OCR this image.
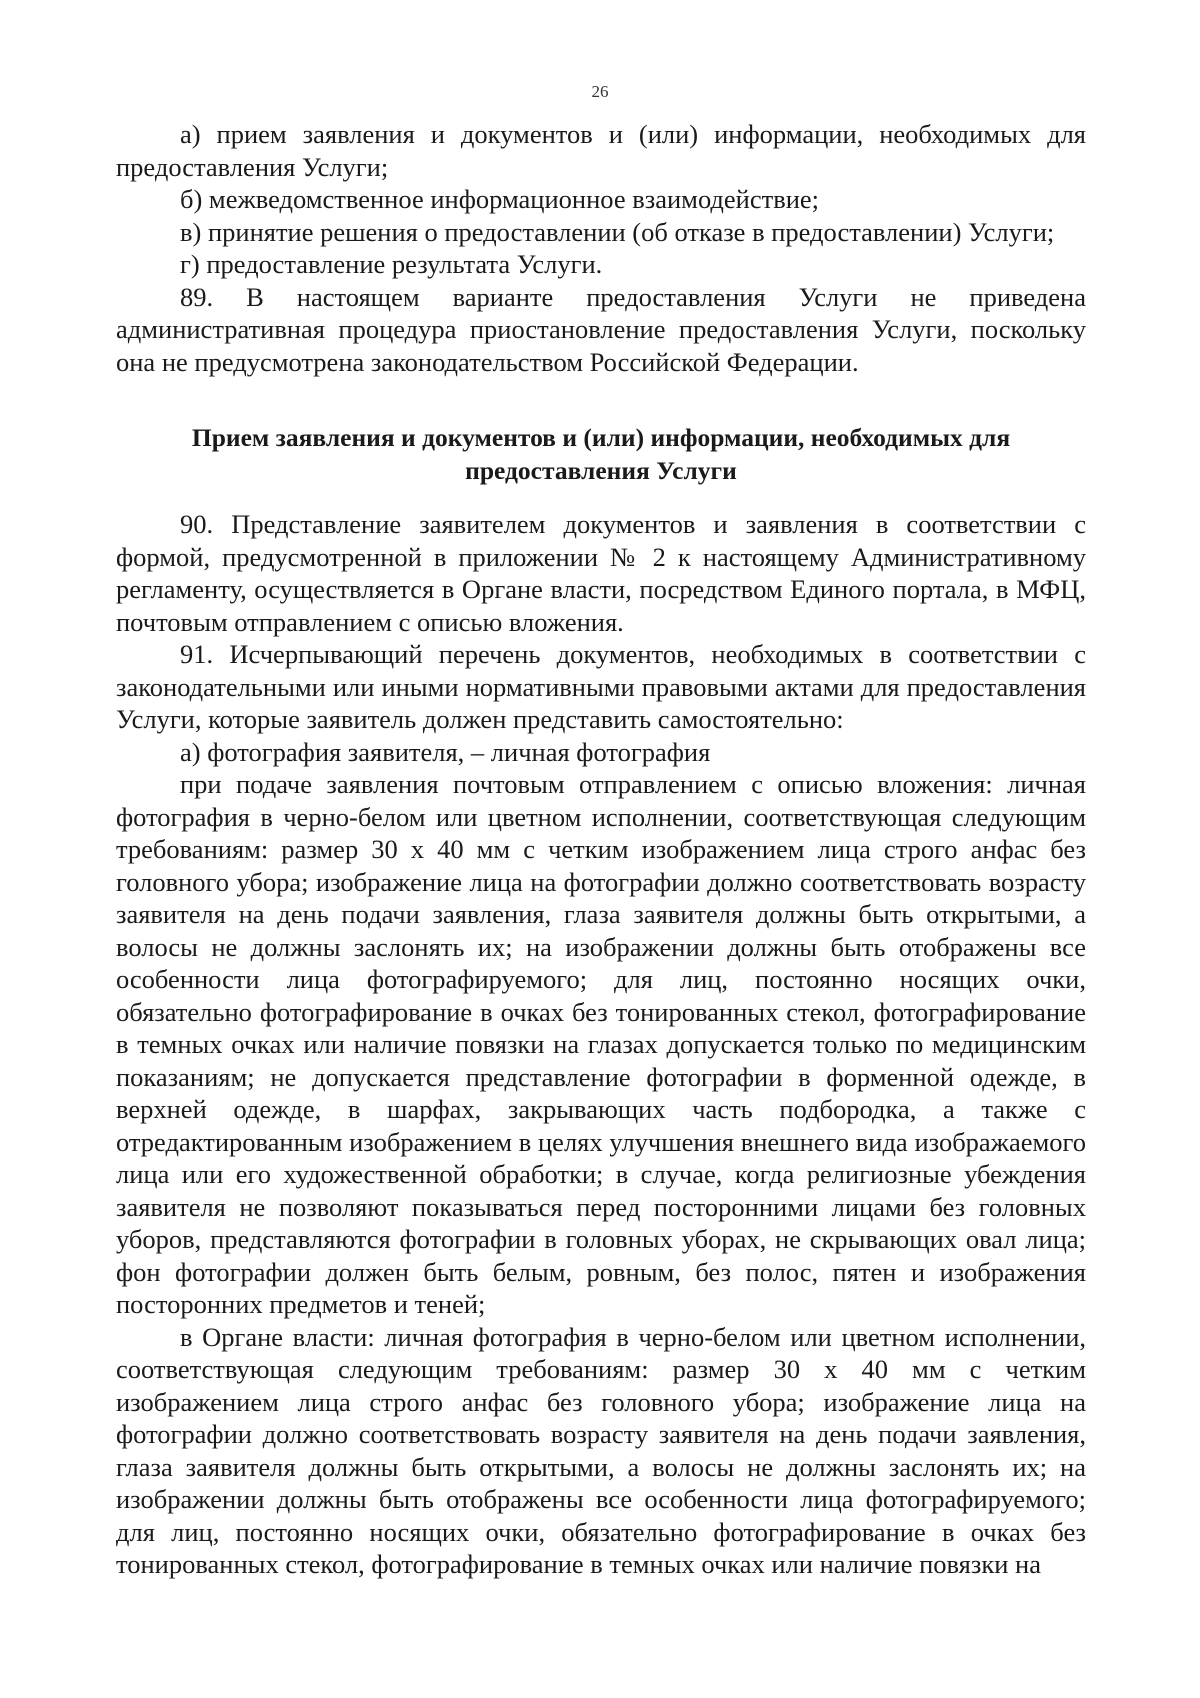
26

а) прием заявления и документов и (или) информации, необходимых для предоставления Услуги;

б) межведомственное информационное взаимодействие;

в) принятие решения о предоставлении (об отказе в предоставлении) Услуги;

г) предоставление результата Услуги.

89. В настоящем варианте предоставления Услуги не приведена административная процедура приостановление предоставления Услуги, поскольку она не предусмотрена законодательством Российской Федерации.

Прием заявления и документов и (или) информации, необходимых для

предоставления Услуги

90. Представление заявителем документов и заявления в соответствии с формой, предусмотренной в приложении № 2 к настоящему Административному регламенту, осуществляется в Органе власти, посредством Единого портала, в МФЦ, почтовым отправлением с описью вложения.

91. Исчерпывающий перечень документов, необходимых в соответствии с законодательными или иными нормативными правовыми актами для предоставления Услуги, которые заявитель должен представить самостоятельно:

а) фотография заявителя, – личная фотография

при подаче заявления почтовым отправлением с описью вложения: личная фотография в черно-белом или цветном исполнении, соответствующая следующим требованиям: размер 30 x 40 мм с четким изображением лица строго анфас без головного убора; изображение лица на фотографии должно соответствовать возрасту заявителя на день подачи заявления, глаза заявителя должны быть открытыми, а волосы не должны заслонять их; на изображении должны быть отображены все особенности лица фотографируемого; для лиц, постоянно носящих очки, обязательно фотографирование в очках без тонированных стекол, фотографирование в темных очках или наличие повязки на глазах допускается только по медицинским показаниям; не допускается представление фотографии в форменной одежде, в верхней одежде, в шарфах, закрывающих часть подбородка, а также с отредактированным изображением в целях улучшения внешнего вида изображаемого лица или его художественной обработки; в случае, когда религиозные убеждения заявителя не позволяют показываться перед посторонними лицами без головных уборов, представляются фотографии в головных уборах, не скрывающих овал лица; фон фотографии должен быть белым, ровным, без полос, пятен и изображения посторонних предметов и теней;

в Органе власти: личная фотография в черно-белом или цветном исполнении, соответствующая следующим требованиям: размер 30 x 40 мм с четким изображением лица строго анфас без головного убора; изображение лица на фотографии должно соответствовать возрасту заявителя на день подачи заявления, глаза заявителя должны быть открытыми, а волосы не должны заслонять их; на изображении должны быть отображены все особенности лица фотографируемого; для лиц, постоянно носящих очки, обязательно фотографирование в очках без тонированных стекол, фотографирование в темных очках или наличие повязки на
